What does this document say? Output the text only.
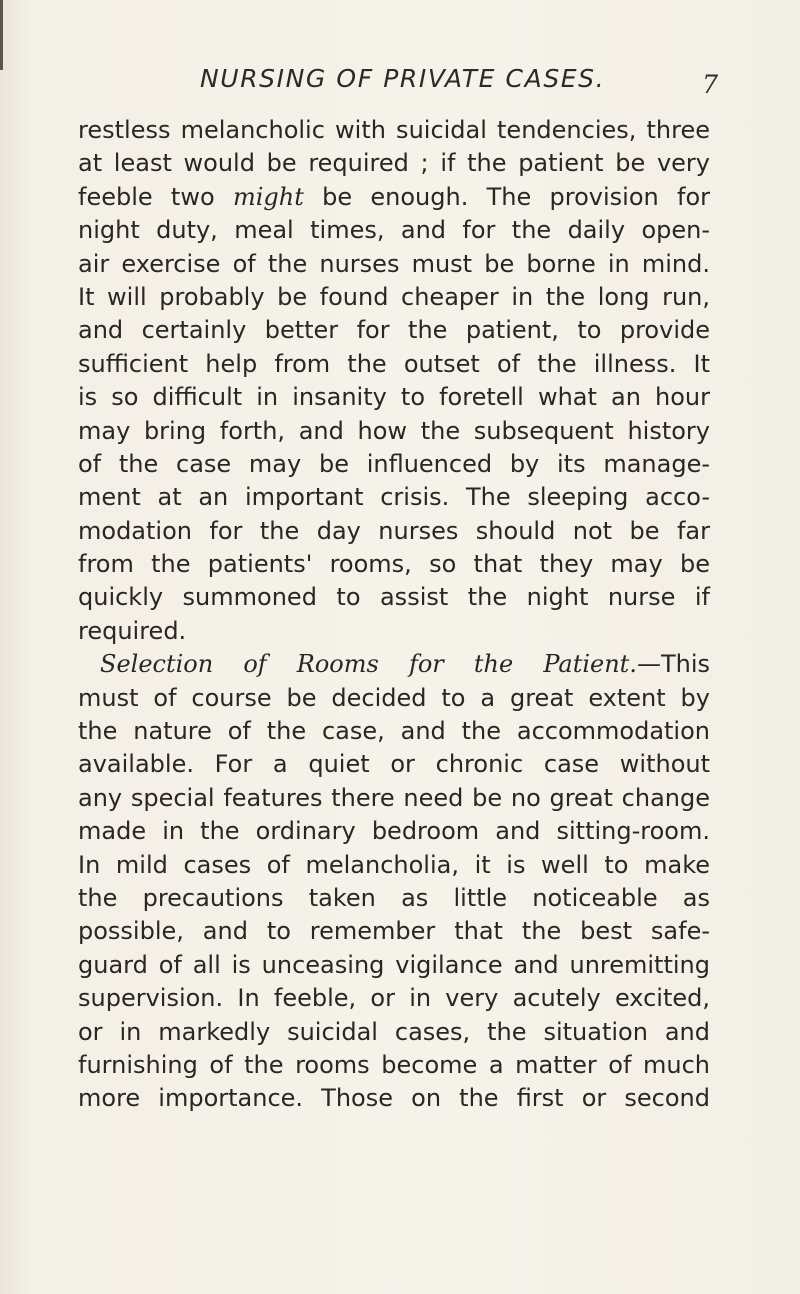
NURSING OF PRIVATE CASES.	7
restless melancholic with suicidal tendencies, three
at least would be required ; if the patient be very
feeble two might be enough. The provision for
night duty, meal times, and for the daily open-
air exercise of the nurses must be borne in mind.
It will probably be found cheaper in the long run,
and certainly better for the patient, to provide
sufficient help from the outset of the illness. It
is so difficult in insanity to foretell what an hour
may bring forth, and how the subsequent history
of the case may be influenced by its manage-
ment at an important crisis. The sleeping acco-
modation for the day nurses should not be far
from the patients' rooms, so that they may be
quickly summoned to assist the night nurse if
required.
Selection of Rooms for the Patient.—This
must of course be decided to a great extent by
the nature of the case, and the accommodation
available. For a quiet or chronic case without
any special features there need be no great change
made in the ordinary bedroom and sitting-room.
In mild cases of melancholia, it is well to make
the precautions taken as little noticeable as
possible, and to remember that the best safe-
guard of all is unceasing vigilance and unremitting
supervision. In feeble, or in very acutely excited,
or in markedly suicidal cases, the situation and
furnishing of the rooms become a matter of much
more importance. Those on the first or second
